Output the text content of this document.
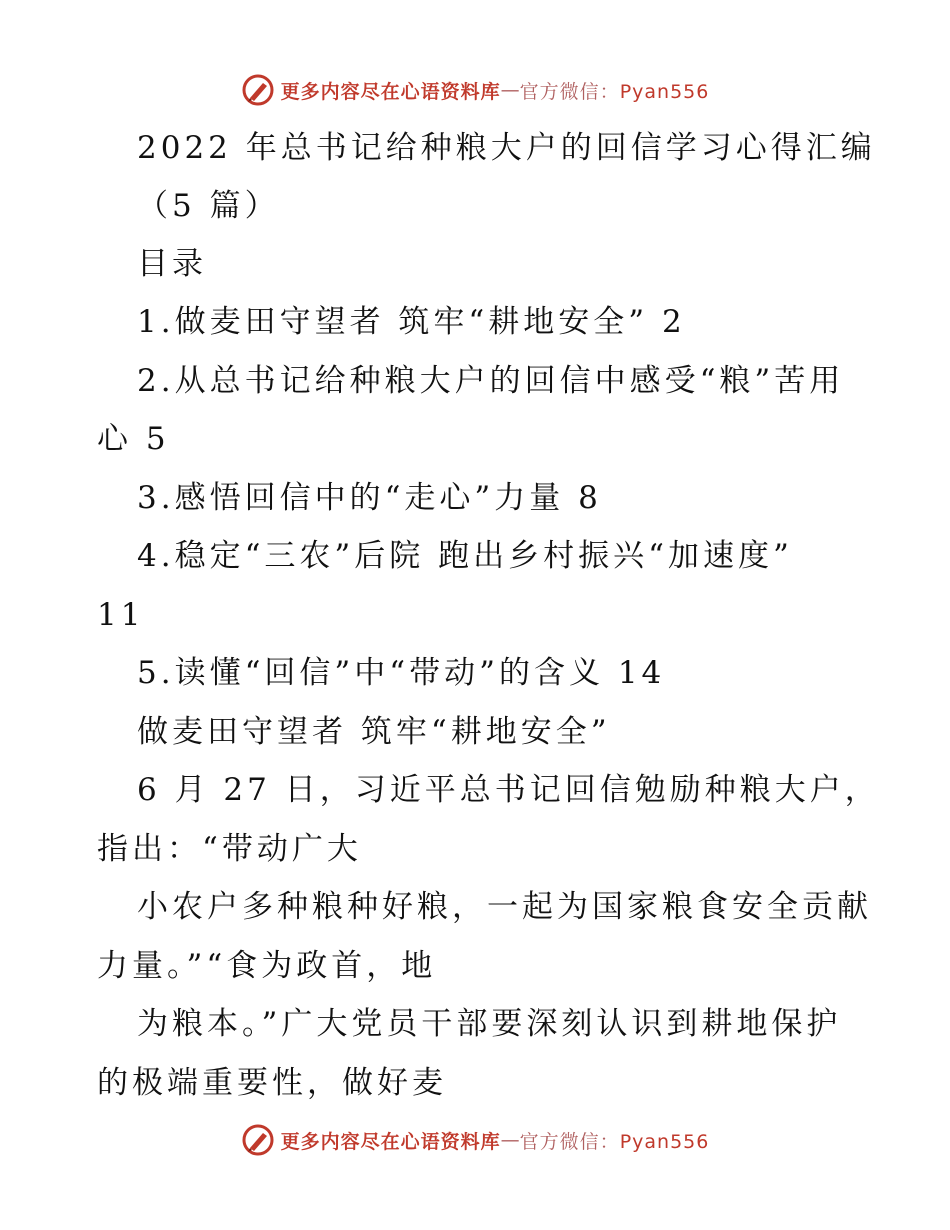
更多内容尽在心语资料库 — 官方微信：Pyan556
2022 年总书记给种粮大户的回信学习心得汇编
（5 篇）
目录
1.做麦田守望者 筑牢“耕地安全” 2
2.从总书记给种粮大户的回信中感受“粮”苦用
心 5
3.感悟回信中的“走心”力量 8
4.稳定“三农”后院 跑出乡村振兴“加速度”
11
5.读懂“回信”中“带动”的含义 14
做麦田守望者 筑牢“耕地安全”
6 月 27 日，习近平总书记回信勉励种粮大户，
指出：“带动广大
小农户多种粮种好粮，一起为国家粮食安全贡献
力量。”“食为政首，地
为粮本。”广大党员干部要深刻认识到耕地保护
的极端重要性，做好麦
更多内容尽在心语资料库 — 官方微信：Pyan556
